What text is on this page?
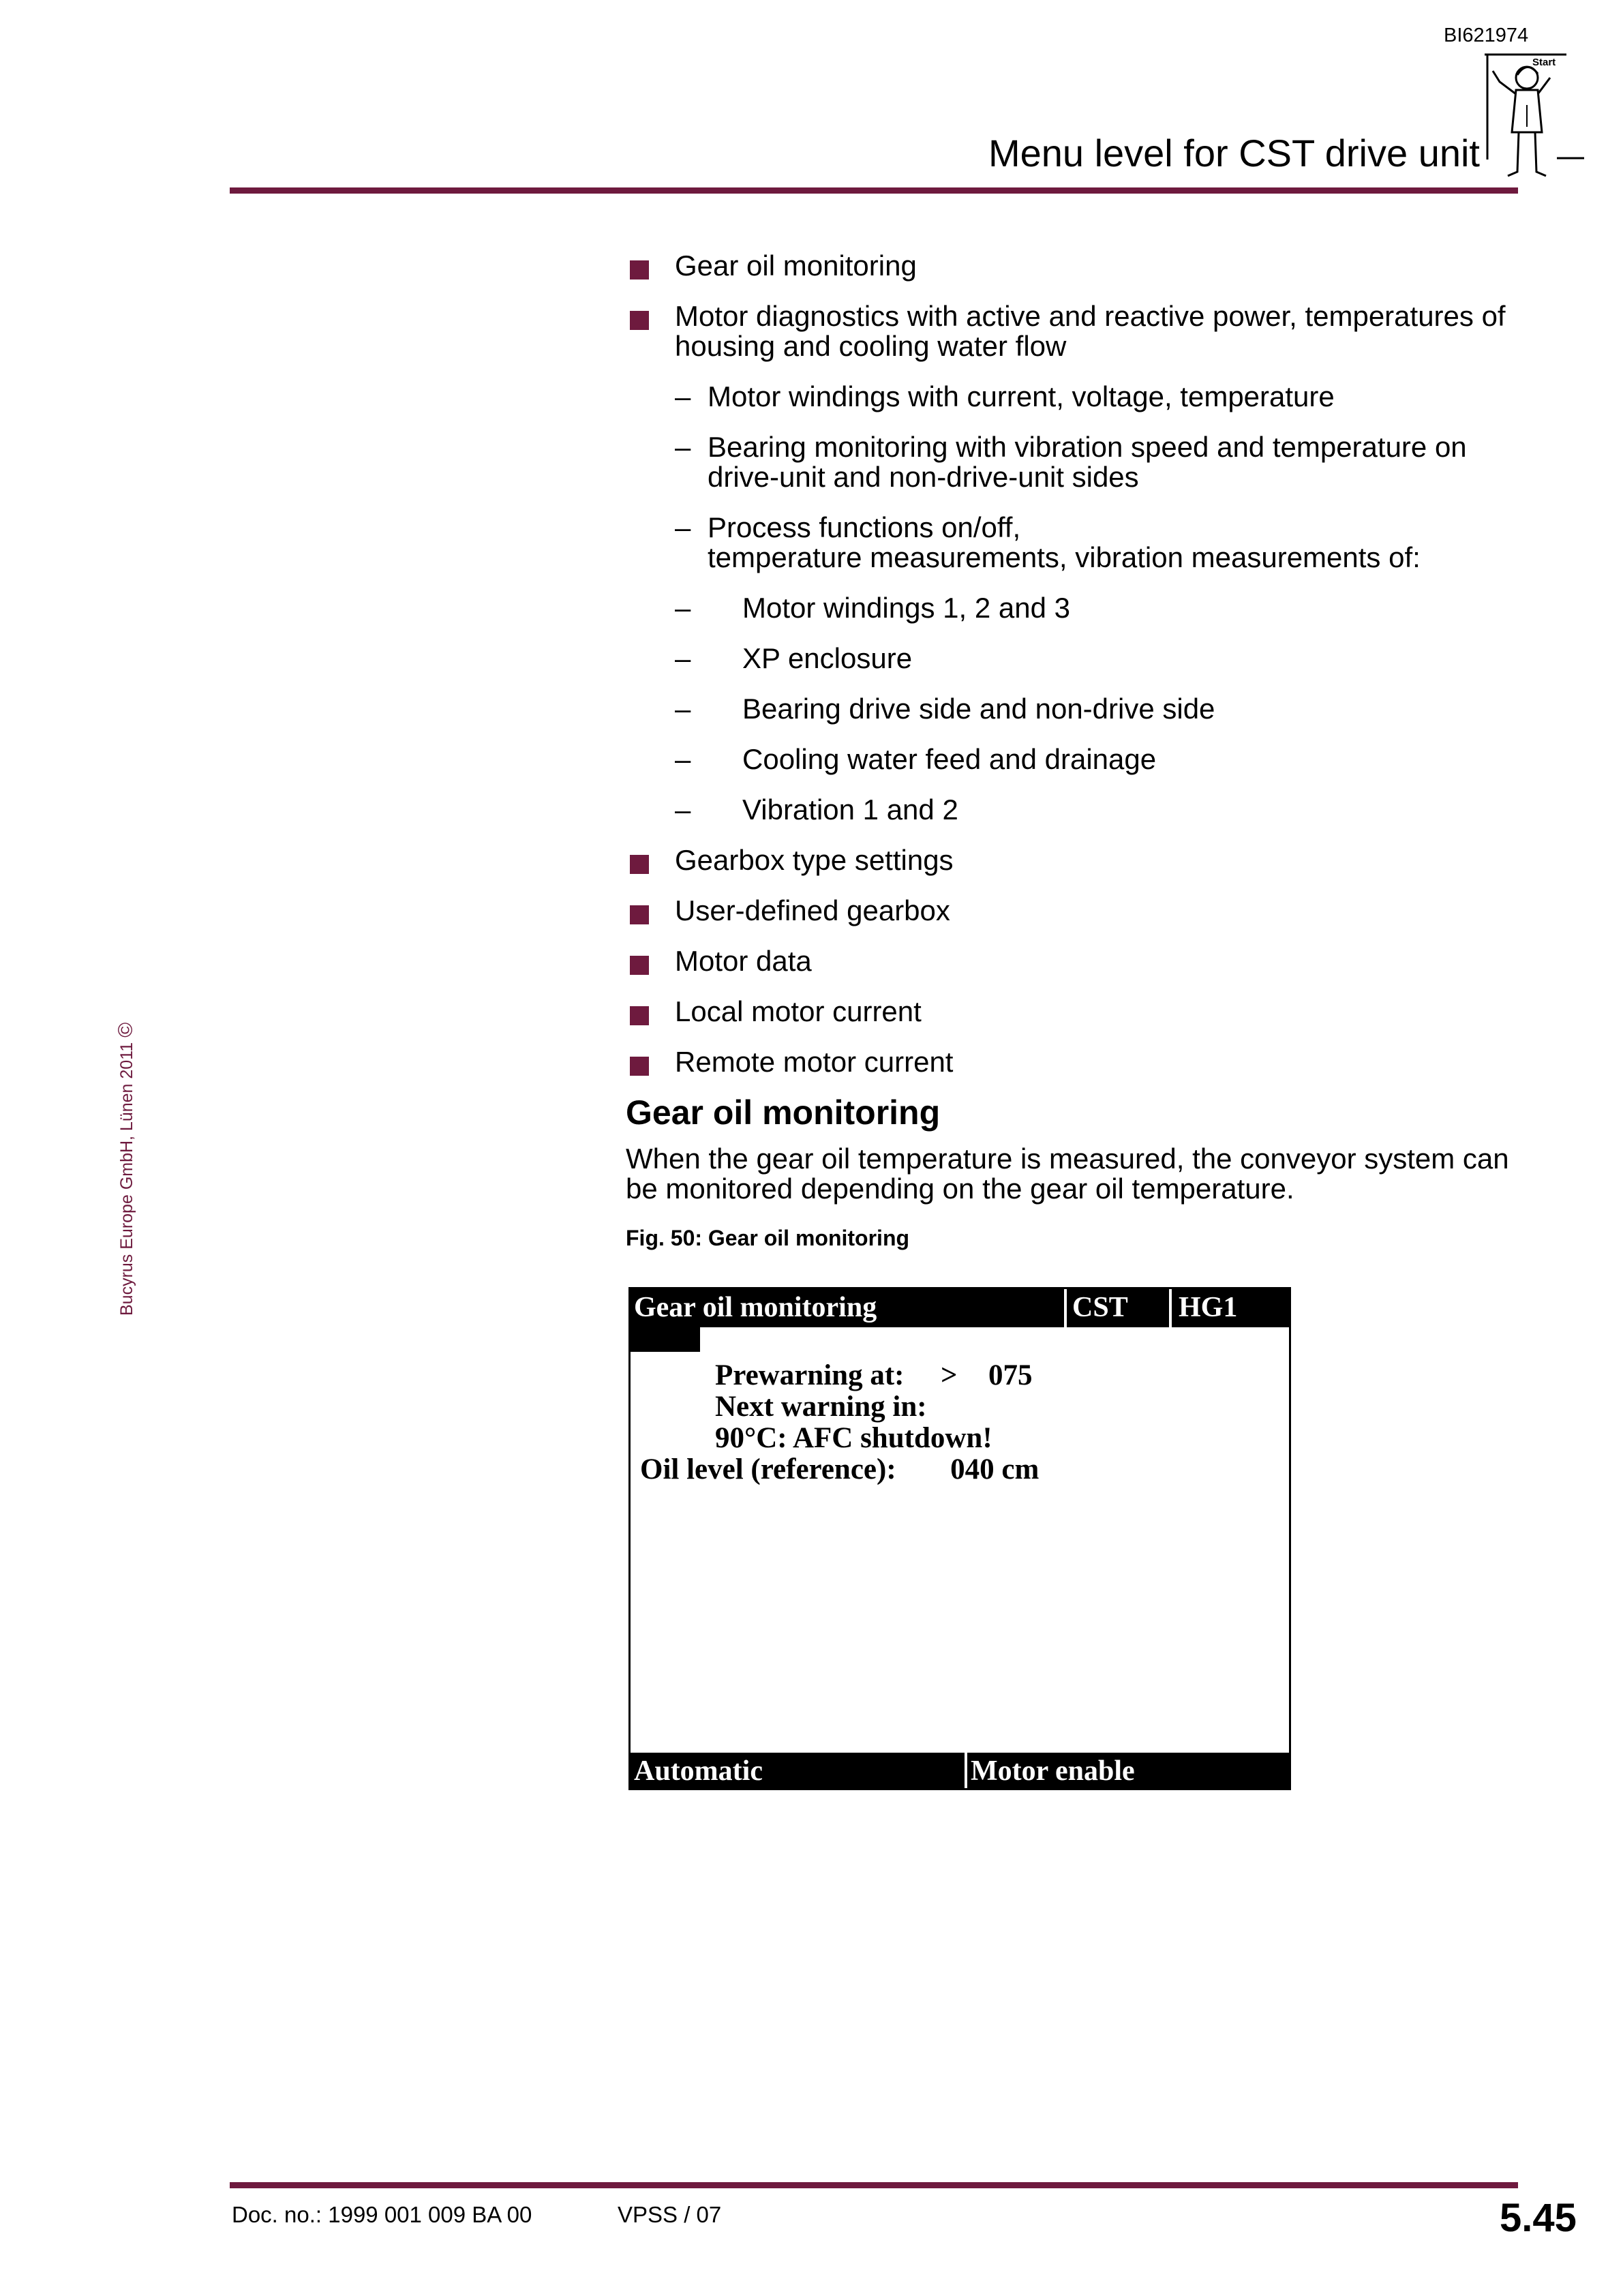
BI621974
Menu level for CST drive unit
Start
Bucyrus Europe GmbH, Lünen 2011 ©
Gear oil monitoring
Motor diagnostics with active and reactive power, temperatures of housing and cooling water flow
– Motor windings with current, voltage, temperature
– Bearing monitoring with vibration speed and temperature on drive-unit and non-drive-unit sides
– Process functions on/off,
temperature measurements, vibration measurements of:
– Motor windings 1, 2 and 3
– XP enclosure
– Bearing drive side and non-drive side
– Cooling water feed and drainage
– Vibration 1 and 2
Gearbox type settings
User-defined gearbox
Motor data
Local motor current
Remote motor current
Gear oil monitoring
When the gear oil temperature is measured, the conveyor system can be monitored depending on the gear oil temperature.
Fig. 50: Gear oil monitoring
Gear oil monitoring	CST	HG1
Prewarning at: > 075
Next warning in:
90°C: AFC shutdown!
Oil level (reference): 040 cm
Automatic	Motor enable
Doc. no.: 1999 001 009 BA 00	VPSS / 07	5.45
